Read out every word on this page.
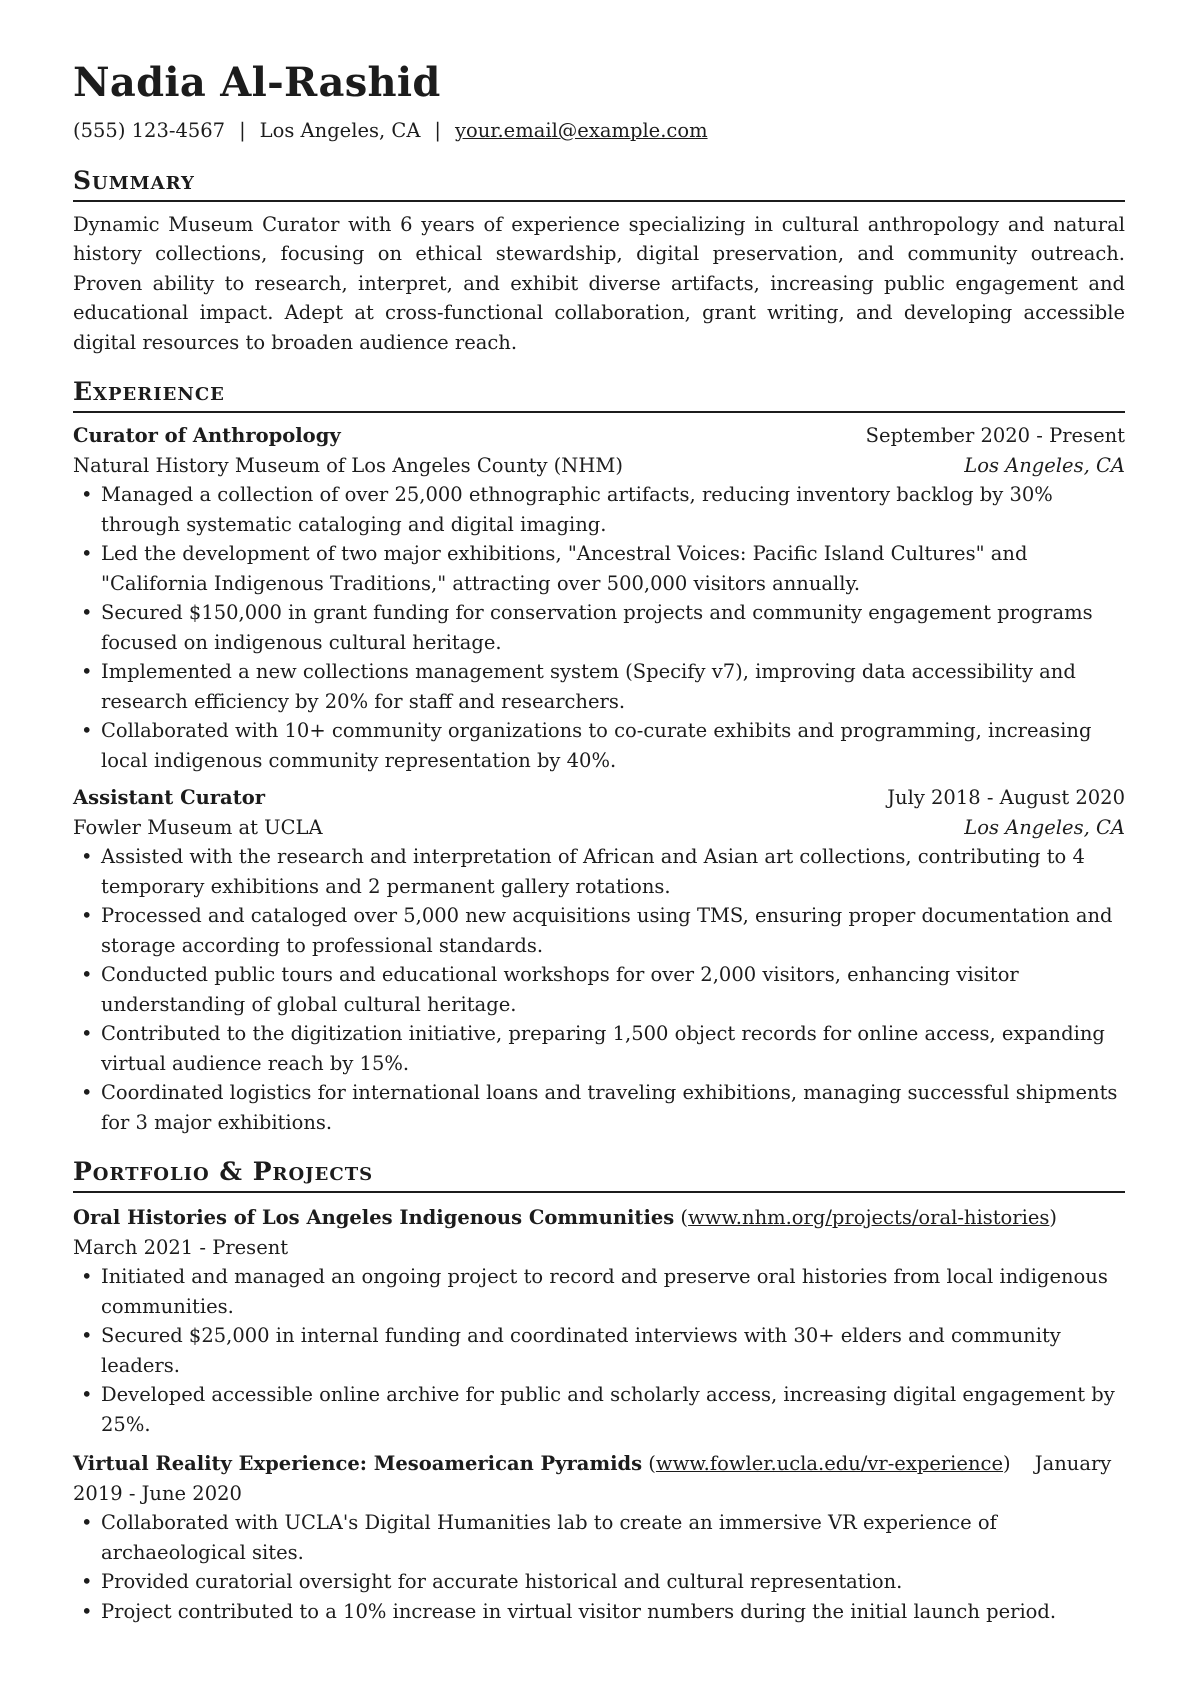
Nadia Al-Rashid
(555) 123-4567 | Los Angeles, CA | your.email@example.com
Summary
Dynamic Museum Curator with 6 years of experience specializing in cultural anthropology and natural history collections, focusing on ethical stewardship, digital preservation, and community outreach. Proven ability to research, interpret, and exhibit diverse artifacts, increasing public engagement and educational impact. Adept at cross-functional collaboration, grant writing, and developing accessible digital resources to broaden audience reach.
Experience
Curator of Anthropology	September 2020 - Present
Natural History Museum of Los Angeles County (NHM)	Los Angeles, CA
• Managed a collection of over 25,000 ethnographic artifacts, reducing inventory backlog by 30% through systematic cataloging and digital imaging.
• Led the development of two major exhibitions, "Ancestral Voices: Pacific Island Cultures" and "California Indigenous Traditions," attracting over 500,000 visitors annually.
• Secured $150,000 in grant funding for conservation projects and community engagement programs focused on indigenous cultural heritage.
• Implemented a new collections management system (Specify v7), improving data accessibility and research efficiency by 20% for staff and researchers.
• Collaborated with 10+ community organizations to co-curate exhibits and programming, increasing local indigenous community representation by 40%.
Assistant Curator	July 2018 - August 2020
Fowler Museum at UCLA	Los Angeles, CA
• Assisted with the research and interpretation of African and Asian art collections, contributing to 4 temporary exhibitions and 2 permanent gallery rotations.
• Processed and cataloged over 5,000 new acquisitions using TMS, ensuring proper documentation and storage according to professional standards.
• Conducted public tours and educational workshops for over 2,000 visitors, enhancing visitor understanding of global cultural heritage.
• Contributed to the digitization initiative, preparing 1,500 object records for online access, expanding virtual audience reach by 15%.
• Coordinated logistics for international loans and traveling exhibitions, managing successful shipments for 3 major exhibitions.
Portfolio & Projects
Oral Histories of Los Angeles Indigenous Communities (www.nhm.org/projects/oral-histories)
March 2021 - Present
• Initiated and managed an ongoing project to record and preserve oral histories from local indigenous communities.
• Secured $25,000 in internal funding and coordinated interviews with 30+ elders and community leaders.
• Developed accessible online archive for public and scholarly access, increasing digital engagement by 25%.
Virtual Reality Experience: Mesoamerican Pyramids (www.fowler.ucla.edu/vr-experience) January 2019 - June 2020
• Collaborated with UCLA's Digital Humanities lab to create an immersive VR experience of archaeological sites.
• Provided curatorial oversight for accurate historical and cultural representation.
• Project contributed to a 10% increase in virtual visitor numbers during the initial launch period.
